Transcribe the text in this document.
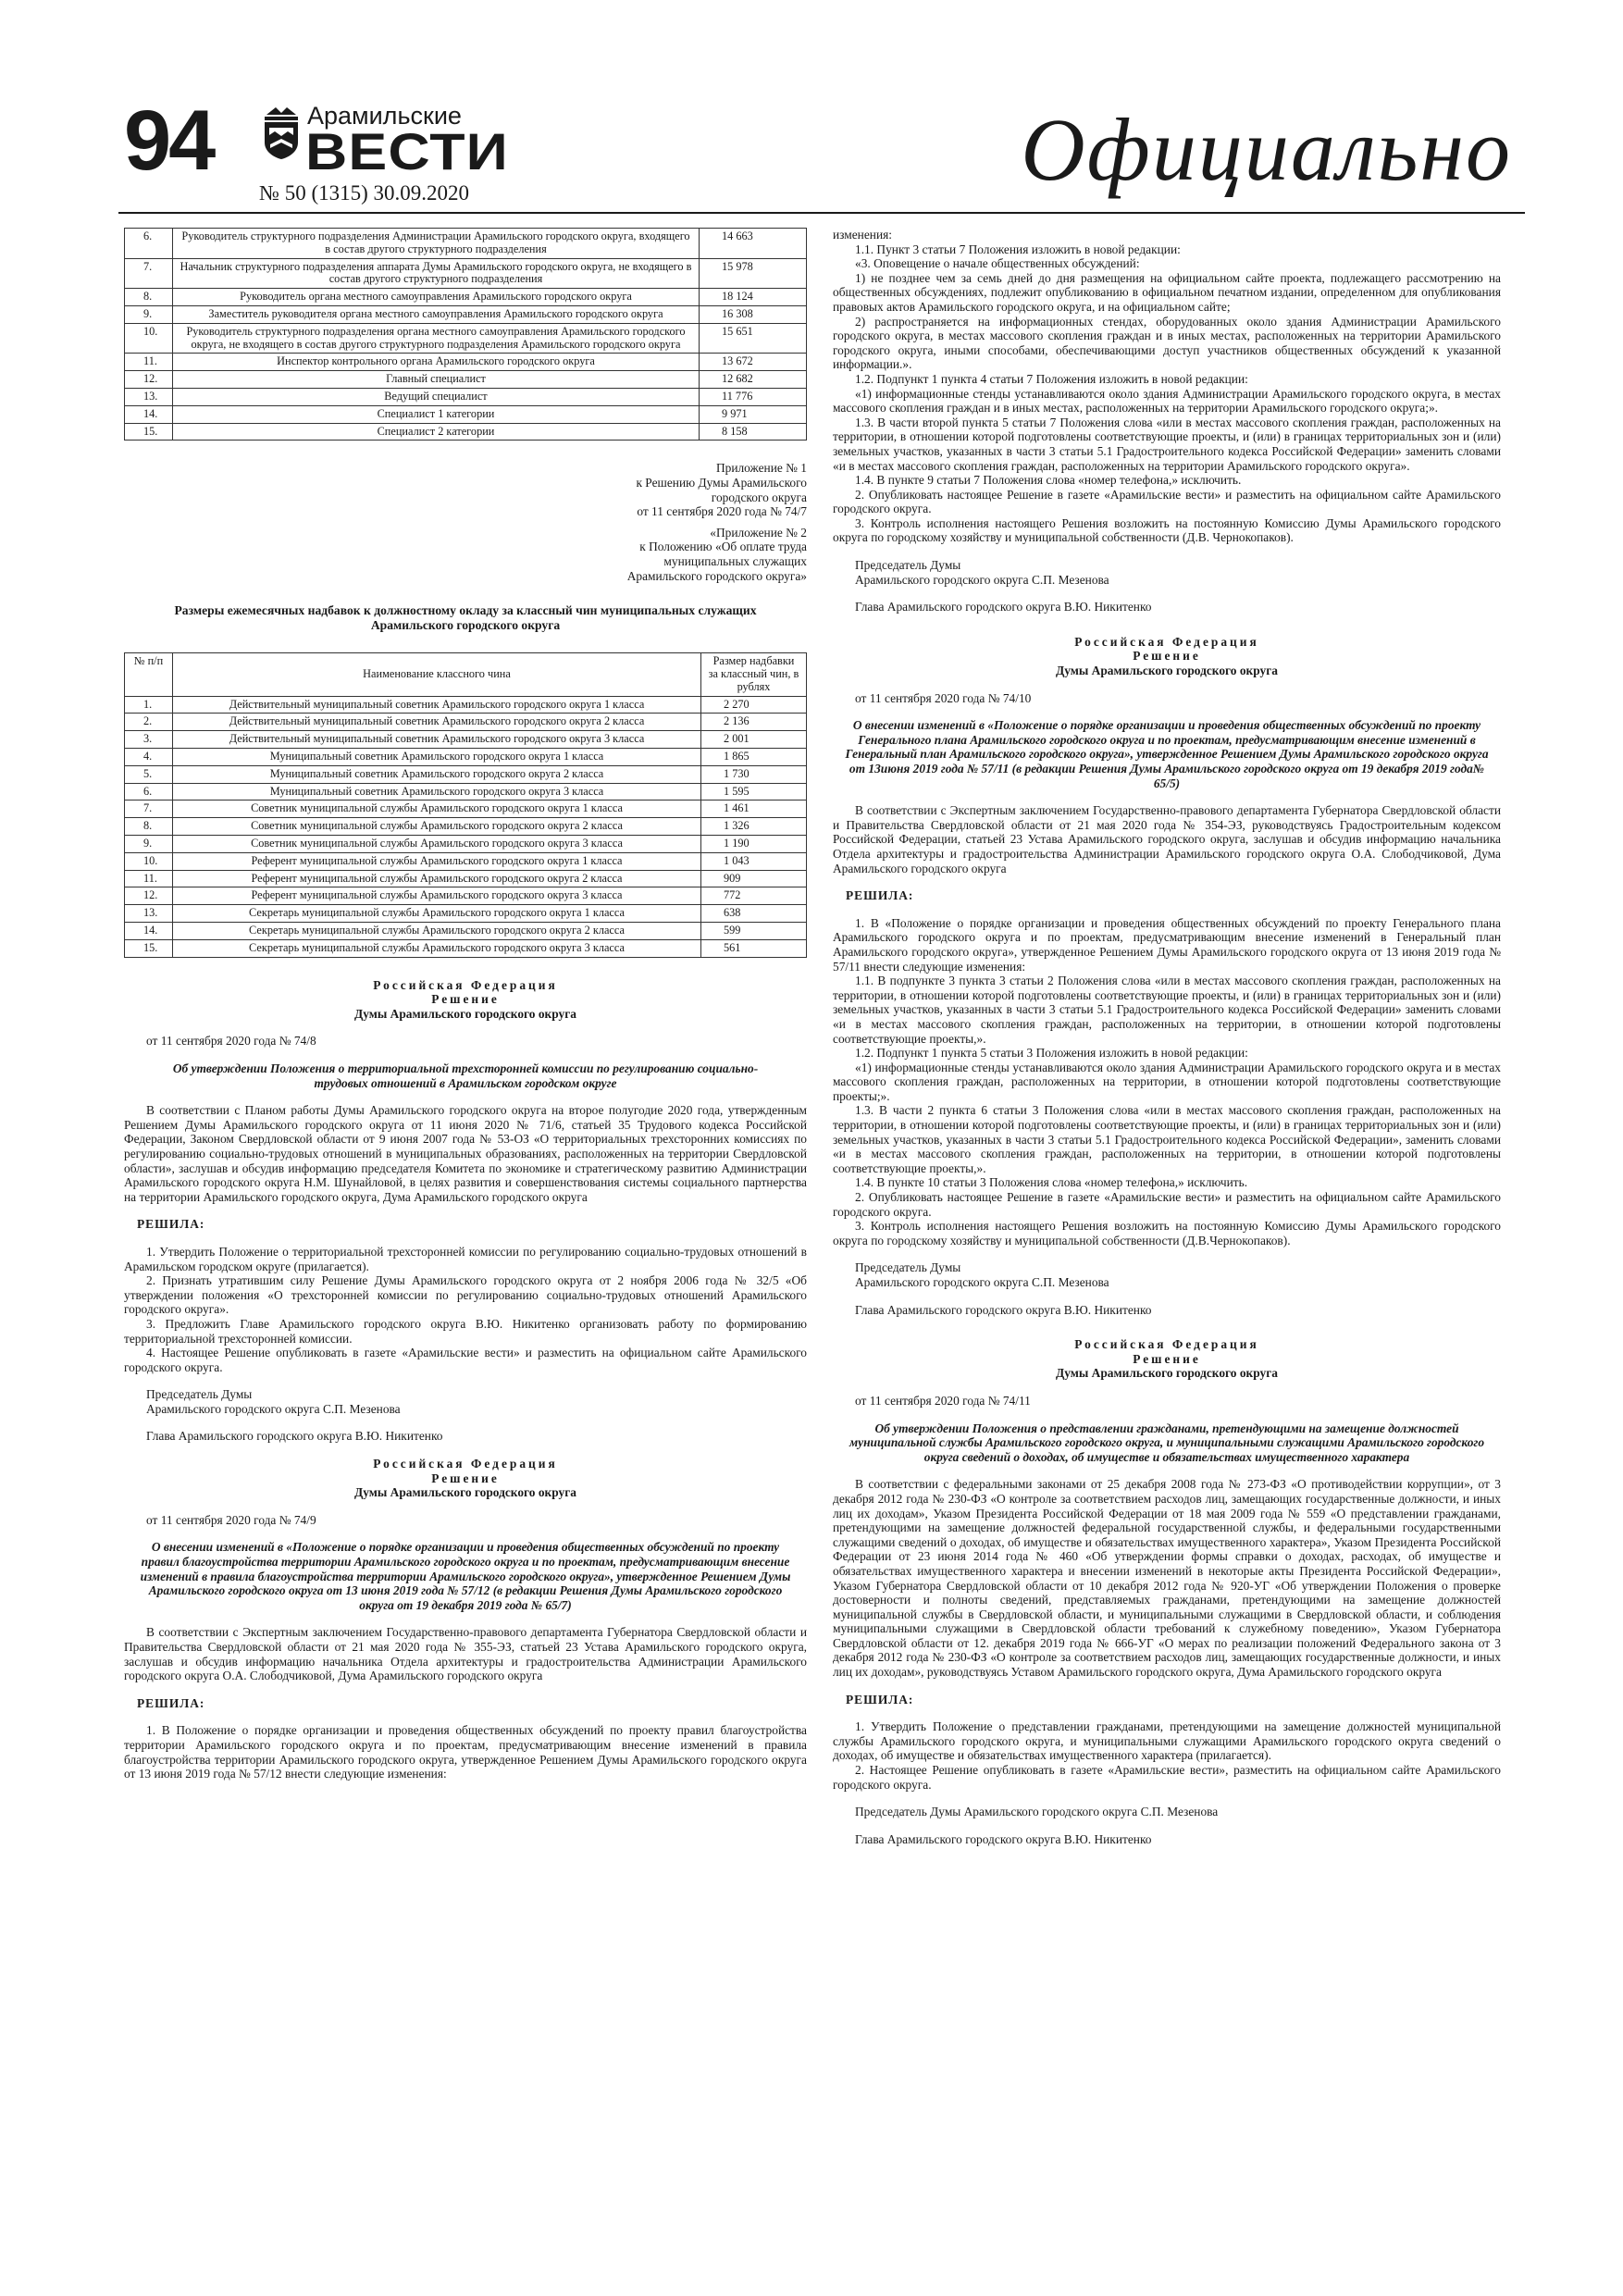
94	Арамильские
ВЕСТИ
№ 50 (1315) 30.09.2020	Официально
6.	Руководитель структурного подразделения Администрации Арамильского городского округа, входящего в состав другого структурного подразделения	14 663
7.	Начальник структурного подразделения аппарата Думы Арамильского городского округа, не входящего в состав другого структурного подразделения	15 978
8.	Руководитель органа местного самоуправления Арамильского городского округа	18 124
9.	Заместитель руководителя органа местного самоуправления Арамильского городского округа	16 308
10.	Руководитель структурного подразделения органа местного самоуправления Арамильского городского округа, не входящего в состав другого структурного подразделения Арамильского городского округа	15 651
11.	Инспектор контрольного органа Арамильского городского округа	13 672
12.	Главный специалист	12 682
13.	Ведущий специалист	11 776
14.	Специалист 1 категории	9 971
15.	Специалист 2 категории	8 158
Приложение № 1
к Решению Думы Арамильского
городского округа
от 11 сентября 2020 года № 74/7
«Приложение № 2
к Положению «Об оплате труда
муниципальных служащих
Арамильского городского округа»
Размеры ежемесячных надбавок к должностному окладу за классный чин муниципальных служащих Арамильского городского округа
№ п/п	Наименование классного чина	Размер надбавки за классный чин, в рублях
1.	Действительный муниципальный советник Арамильского городского округа 1 класса	2 270
2.	Действительный муниципальный советник Арамильского городского округа 2 класса	2 136
3.	Действительный муниципальный советник Арамильского городского округа 3 класса	2 001
4.	Муниципальный советник Арамильского городского округа 1 класса	1 865
5.	Муниципальный советник Арамильского городского округа 2 класса	1 730
6.	Муниципальный советник Арамильского городского округа 3 класса	1 595
7.	Советник муниципальной службы Арамильского городского округа 1 класса	1 461
8.	Советник муниципальной службы Арамильского городского округа 2 класса	1 326
9.	Советник муниципальной службы Арамильского городского округа 3 класса	1 190
10.	Референт муниципальной службы Арамильского городского округа 1 класса	1 043
11.	Референт муниципальной службы Арамильского городского округа 2 класса	909
12.	Референт муниципальной службы Арамильского городского округа 3 класса	772
13.	Секретарь муниципальной службы Арамильского городского округа 1 класса	638
14.	Секретарь муниципальной службы Арамильского городского округа 2 класса	599
15.	Секретарь муниципальной службы Арамильского городского округа 3 класса	561

Российская Федерация

Решение

Думы Арамильского городского округа

от 11 сентября 2020 года № 74/8

Об утверждении Положения о территориальной трехсторонней комиссии по регулированию социально-трудовых отношений в Арамильском городском округе

В соответствии с Планом работы Думы Арамильского городского округа на второе полугодие 2020 года, утвержденным Решением Думы Арамильского городского округа от 11 июня 2020 № 71/6, статьей 35 Трудового кодекса Российской Федерации, Законом Свердловской области от 9 июня 2007 года № 53-ОЗ «О территориальных трехсторонних комиссиях по регулированию социально-трудовых отношений в муниципальных образованиях, расположенных на территории Свердловской области», заслушав и обсудив информацию председателя Комитета по экономике и стратегическому развитию Администрации Арамильского городского округа Н.М. Шунайловой, в целях развития и совершенствования системы социального партнерства на территории Арамильского городского округа, Дума Арамильского городского округа

РЕШИЛА:

1. Утвердить Положение о территориальной трехсторонней комиссии по регулированию социально-трудовых отношений в Арамильском городском округе (прилагается).

2. Признать утратившим силу Решение Думы Арамильского городского округа от 2 ноября 2006 года № 32/5 «Об утверждении положения «О трехсторонней комиссии по регулированию социально-трудовых отношений Арамильского городского округа».

3. Предложить Главе Арамильского городского округа В.Ю. Никитенко организовать работу по формированию территориальной трехсторонней комиссии.

4. Настоящее Решение опубликовать в газете «Арамильские вести» и разместить на официальном сайте Арамильского городского округа.

Председатель Думы

Арамильского городского округа С.П. Мезенова

Глава Арамильского городского округа В.Ю. Никитенко

Российская Федерация

Решение

Думы Арамильского городского округа

от 11 сентября 2020 года № 74/9

О внесении изменений в «Положение о порядке организации и проведения общественных обсуждений по проекту правил благоустройства территории Арамильского городского округа и по проектам, предусматривающим внесение изменений в правила благоустройства территории Арамильского городского округа», утвержденное Решением Думы Арамильского городского округа от 13 июня 2019 года № 57/12 (в редакции Решения Думы Арамильского городского округа от 19 декабря 2019 года № 65/7)

В соответствии с Экспертным заключением Государственно-правового департамента Губернатора Свердловской области и Правительства Свердловской области от 21 мая 2020 года № 355-ЭЗ, статьей 23 Устава Арамильского городского округа, заслушав и обсудив информацию начальника Отдела архитектуры и градостроительства Администрации Арамильского городского округа О.А. Слободчиковой, Дума Арамильского городского округа

РЕШИЛА:

1. В Положение о порядке организации и проведения общественных обсуждений по проекту правил благоустройства территории Арамильского городского округа и по проектам, предусматривающим внесение изменений в правила благоустройства территории Арамильского городского округа, утвержденное Решением Думы Арамильского городского округа от 13 июня 2019 года № 57/12 внести следующие изменения:

изменения:

1.1. Пункт 3 статьи 7 Положения изложить в новой редакции:

«3. Оповещение о начале общественных обсуждений:

1) не позднее чем за семь дней до дня размещения на официальном сайте проекта, подлежащего рассмотрению на общественных обсуждениях, подлежит опубликованию в официальном печатном издании, определенном для опубликования правовых актов Арамильского городского округа, и на официальном сайте;

2) распространяется на информационных стендах, оборудованных около здания Администрации Арамильского городского округа, в местах массового скопления граждан и в иных местах, расположенных на территории Арамильского городского округа, иными способами, обеспечивающими доступ участников общественных обсуждений к указанной информации.».

1.2. Подпункт 1 пункта 4 статьи 7 Положения изложить в новой редакции:

«1) информационные стенды устанавливаются около здания Администрации Арамильского городского округа, в местах массового скопления граждан и в иных местах, расположенных на территории Арамильского городского округа;».

1.3. В части второй пункта 5 статьи 7 Положения слова «или в местах массового скопления граждан, расположенных на территории, в отношении которой подготовлены соответствующие проекты, и (или) в границах территориальных зон и (или) земельных участков, указанных в части 3 статьи 5.1 Градостроительного кодекса Российской Федерации» заменить словами «и в местах массового скопления граждан, расположенных на территории Арамильского городского округа».

1.4. В пункте 9 статьи 7 Положения слова «номер телефона,» исключить.

2. Опубликовать настоящее Решение в газете «Арамильские вести» и разместить на официальном сайте Арамильского городского округа.

3. Контроль исполнения настоящего Решения возложить на постоянную Комиссию Думы Арамильского городского округа по городскому хозяйству и муниципальной собственности (Д.В. Чернокопаков).

Председатель Думы

Арамильского городского округа С.П. Мезенова

Глава Арамильского городского округа В.Ю. Никитенко

Российская Федерация

Решение

Думы Арамильского городского округа

от 11 сентября 2020 года № 74/10

О внесении изменений в «Положение о порядке организации и проведения общественных обсуждений по проекту Генерального плана Арамильского городского округа и по проектам, предусматривающим внесение изменений в Генеральный план Арамильского городского округа», утвержденное Решением Думы Арамильского городского округа от 13июня 2019 года № 57/11 (в редакции Решения Думы Арамильского городского округа от 19 декабря 2019 года№ 65/5)

В соответствии с Экспертным заключением Государственно-правового департамента Губернатора Свердловской области и Правительства Свердловской области от 21 мая 2020 года № 354-ЭЗ, руководствуясь Градостроительным кодексом Российской Федерации, статьей 23 Устава Арамильского городского округа, заслушав и обсудив информацию начальника Отдела архитектуры и градостроительства Администрации Арамильского городского округа О.А. Слободчиковой, Дума Арамильского городского округа

РЕШИЛА:

1. В «Положение о порядке организации и проведения общественных обсуждений по проекту Генерального плана Арамильского городского округа и по проектам, предусматривающим внесение изменений в Генеральный план Арамильского городского округа», утвержденное Решением Думы Арамильского городского округа от 13 июня 2019 года № 57/11 внести следующие изменения:

1.1. В подпункте 3 пункта 3 статьи 2 Положения слова «или в местах массового скопления граждан, расположенных на территории, в отношении которой подготовлены соответствующие проекты, и (или) в границах территориальных зон и (или) земельных участков, указанных в части 3 статьи 5.1 Градостроительного кодекса Российской Федерации» заменить словами «и в местах массового скопления граждан, расположенных на территории, в отношении которой подготовлены соответствующие проекты,».

1.2. Подпункт 1 пункта 5 статьи 3 Положения изложить в новой редакции:

«1) информационные стенды устанавливаются около здания Администрации Арамильского городского округа и в местах массового скопления граждан, расположенных на территории, в отношении которой подготовлены соответствующие проекты;».

1.3. В части 2 пункта 6 статьи 3 Положения слова «или в местах массового скопления граждан, расположенных на территории, в отношении которой подготовлены соответствующие проекты, и (или) в границах территориальных зон и (или) земельных участков, указанных в части 3 статьи 5.1 Градостроительного кодекса Российской Федерации», заменить словами «и в местах массового скопления граждан, расположенных на территории, в отношении которой подготовлены соответствующие проекты,».

1.4. В пункте 10 статьи 3 Положения слова «номер телефона,» исключить.

2. Опубликовать настоящее Решение в газете «Арамильские вести» и разместить на официальном сайте Арамильского городского округа.

3. Контроль исполнения настоящего Решения возложить на постоянную Комиссию Думы Арамильского городского округа по городскому хозяйству и муниципальной собственности (Д.В.Чернокопаков).

Председатель Думы

Арамильского городского округа С.П. Мезенова

Глава Арамильского городского округа В.Ю. Никитенко

Российская Федерация

Решение

Думы Арамильского городского округа

от 11 сентября 2020 года № 74/11

Об утверждении Положения о представлении гражданами, претендующими на замещение должностей муниципальной службы Арамильского городского округа, и муниципальными служащими Арамильского городского округа сведений о доходах, об имуществе и обязательствах имущественного характера

В соответствии с федеральными законами от 25 декабря 2008 года № 273-ФЗ «О противодействии коррупции», от 3 декабря 2012 года № 230-ФЗ «О контроле за соответствием расходов лиц, замещающих государственные должности, и иных лиц их доходам», Указом Президента Российской Федерации от 18 мая 2009 года № 559 «О представлении гражданами, претендующими на замещение должностей федеральной государственной службы, и федеральными государственными служащими сведений о доходах, об имуществе и обязательствах имущественного характера», Указом Президента Российской Федерации от 23 июня 2014 года № 460 «Об утверждении формы справки о доходах, расходах, об имуществе и обязательствах имущественного характера и внесении изменений в некоторые акты Президента Российской Федерации», Указом Губернатора Свердловской области от 10 декабря 2012 года № 920-УГ «Об утверждении Положения о проверке достоверности и полноты сведений, представляемых гражданами, претендующими на замещение должностей муниципальной службы в Свердловской области, и муниципальными служащими в Свердловской области, и соблюдения муниципальными служащими в Свердловской области требований к служебному поведению», Указом Губернатора Свердловской области от 12. декабря 2019 года № 666-УГ «О мерах по реализации положений Федерального закона от 3 декабря 2012 года № 230-ФЗ «О контроле за соответствием расходов лиц, замещающих государственные должности, и иных лиц их доходам», руководствуясь Уставом Арамильского городского округа, Дума Арамильского городского округа

РЕШИЛА:

1. Утвердить Положение о представлении гражданами, претендующими на замещение должностей муниципальной службы Арамильского городского округа, и муниципальными служащими Арамильского городского округа сведений о доходах, об имуществе и обязательствах имущественного характера (прилагается).

2. Настоящее Решение опубликовать в газете «Арамильские вести», разместить на официальном сайте Арамильского городского округа.

Председатель Думы Арамильского городского округа С.П. Мезенова

Глава Арамильского городского округа В.Ю. Никитенко
